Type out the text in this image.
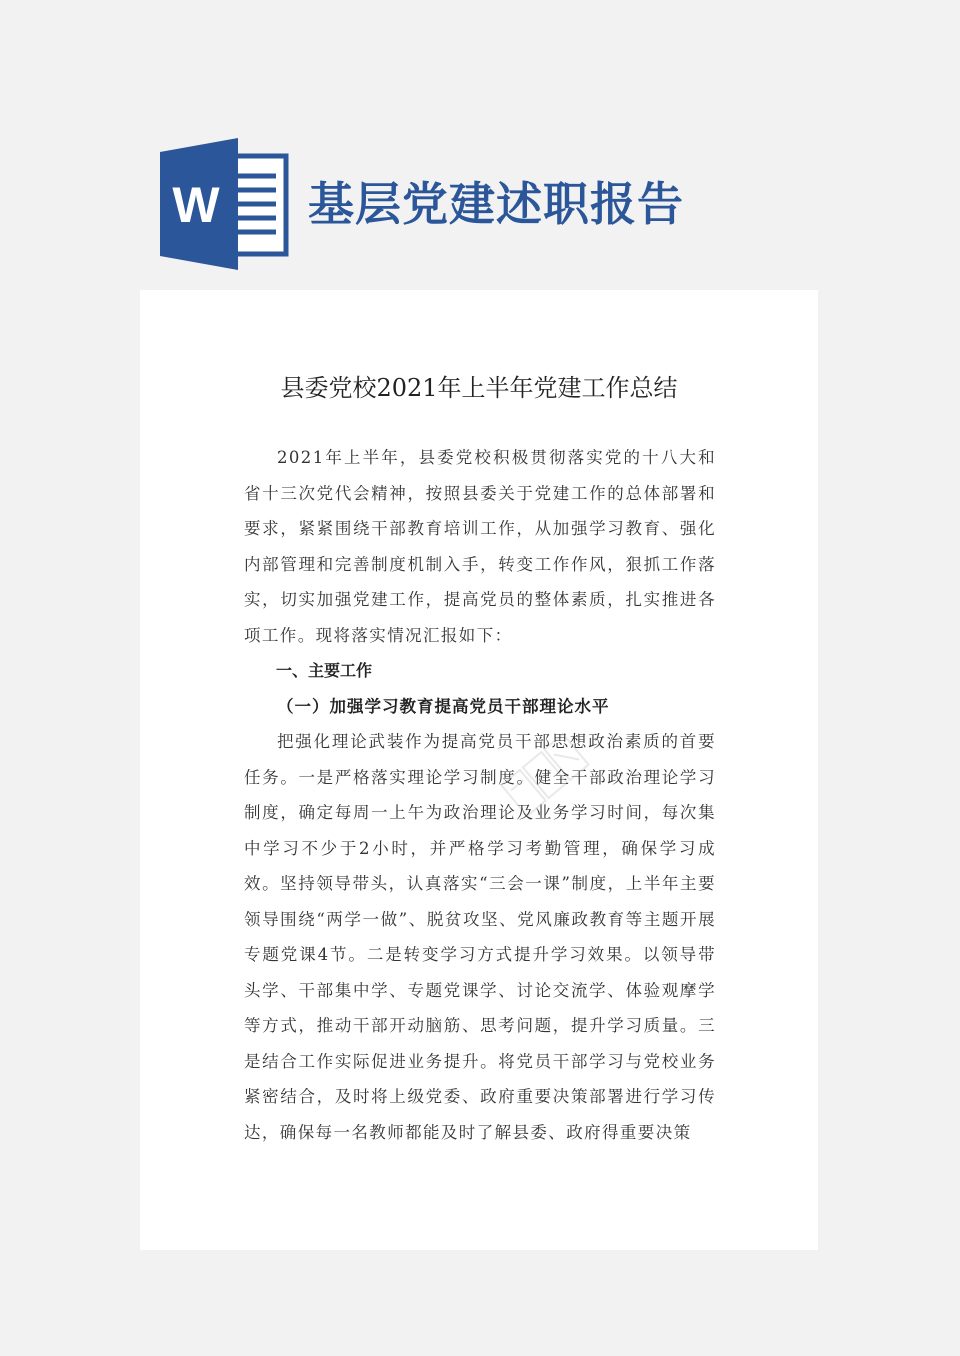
W 基层党建述职报告
县委党校2021年上半年党建工作总结

2021年上半年，县委党校积极贯彻落实党的十八大和省十三次党代会精神，按照县委关于党建工作的总体部署和要求，紧紧围绕干部教育培训工作，从加强学习教育、强化内部管理和完善制度机制入手，转变工作作风，狠抓工作落实，切实加强党建工作，提高党员的整体素质，扎实推进各项工作。现将落实情况汇报如下：

一、主要工作

（一）加强学习教育提高党员干部理论水平

把强化理论武装作为提高党员干部思想政治素质的首要任务。一是严格落实理论学习制度。健全干部政治理论学习制度，确定每周一上午为政治理论及业务学习时间，每次集中学习不少于2小时，并严格学习考勤管理，确保学习成效。坚持领导带头，认真落实“三会一课”制度，上半年主要领导围绕“两学一做”、脱贫攻坚、党风廉政教育等主题开展专题党课4节。二是转变学习方式提升学习效果。以领导带头学、干部集中学、专题党课学、讨论交流学、体验观摩学等方式，推动干部开动脑筋、思考问题，提升学习质量。三是结合工作实际促进业务提升。将党员干部学习与党校业务紧密结合，及时将上级党委、政府重要决策部署进行学习传达，确保每一名教师都能及时了解县委、政府得重要决策
